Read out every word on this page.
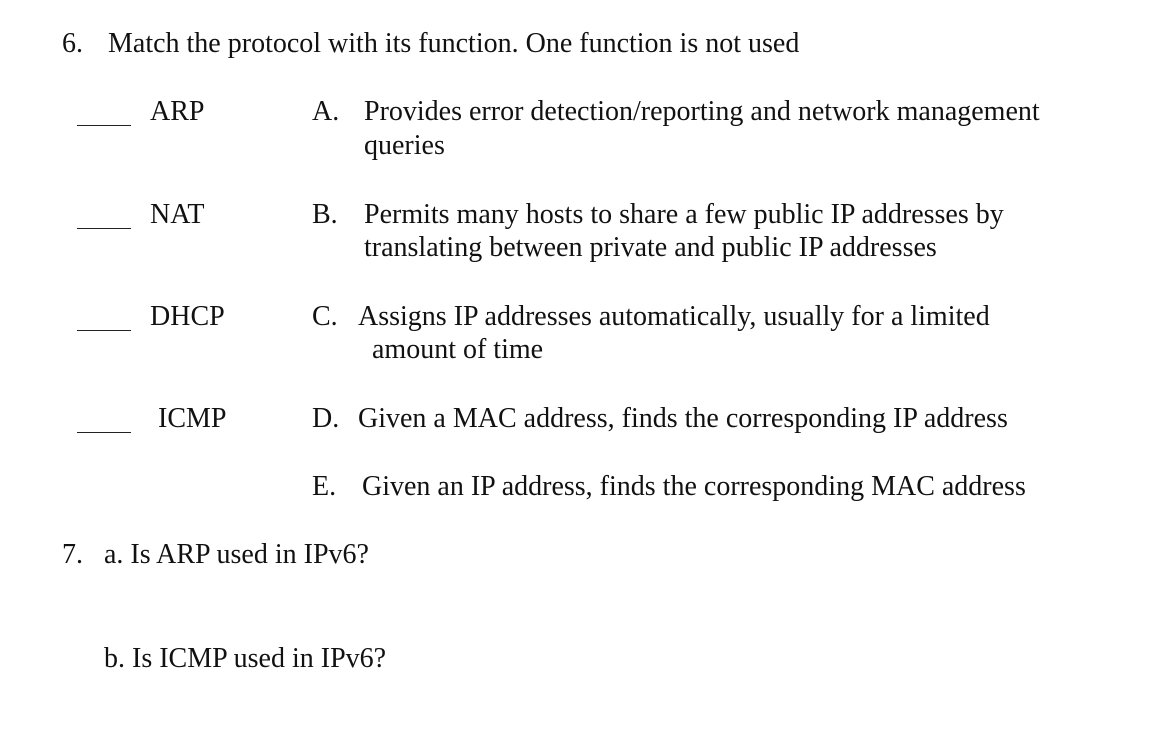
6. Match the protocol with its function. One function is not used
ARP	A. Provides error detection/reporting and network management
queries
NAT	B. Permits many hosts to share a few public IP addresses by
translating between private and public IP addresses
DHCP	C. Assigns IP addresses automatically, usually for a limited
amount of time
ICMP	D. Given a MAC address, finds the corresponding IP address
E. Given an IP address, finds the corresponding MAC address
7. a. Is ARP used in IPv6?
b. Is ICMP used in IPv6?
